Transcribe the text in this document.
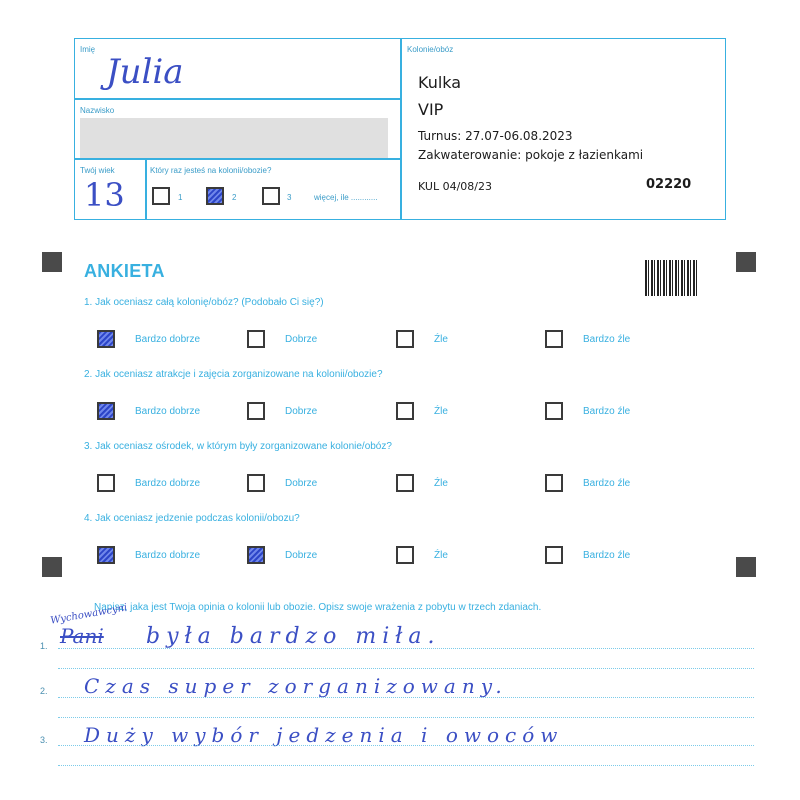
Imię
Julia
Nazwisko
Twój wiek
13
Który raz jesteś na kolonii/obozie?
1	2	3	więcej, ile ............
Kolonie/obóz
Kulka
VIP
Turnus: 27.07-06.08.2023
Zakwaterowanie: pokoje z łazienkami
KUL 04/08/23	02220
ANKIETA
1. Jak oceniasz całą kolonię/obóz? (Podobało Ci się?)
Bardzo dobrze	Dobrze	Źle	Bardzo źle
2. Jak oceniasz atrakcje i zajęcia zorganizowane na kolonii/obozie?
Bardzo dobrze	Dobrze	Źle	Bardzo źle
3. Jak oceniasz ośrodek, w którym były zorganizowane kolonie/obóz?
Bardzo dobrze	Dobrze	Źle	Bardzo źle
4. Jak oceniasz jedzenie podczas kolonii/obozu?
Bardzo dobrze	Dobrze	Źle	Bardzo źle
Napisz, jaka jest Twoja opinia o kolonii lub obozie. Opisz swoje wrażenia z pobytu w trzech zdaniach.
Wychowawcyni
1. Pani była bardzo miła.
2. Czas super zorganizowany.
3. Duży wybór jedzenia i owoców
